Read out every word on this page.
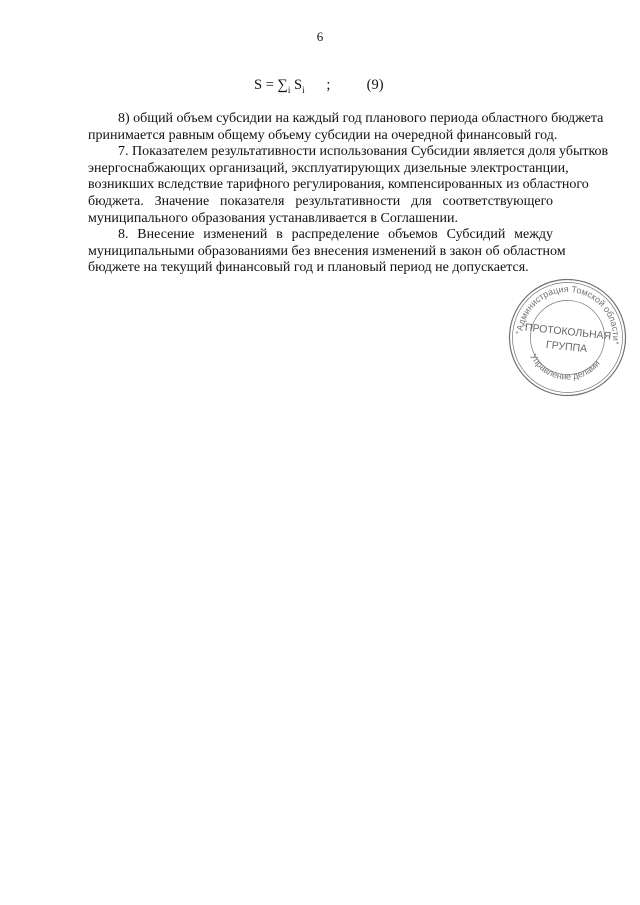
6
$S = \sum_i$ $S_i$      ;          (9)
8) общий объем субсидии на каждый год планового периода областного бюджета
принимается равным общему объему субсидии на очередной финансовый год.
7. Показателем результативности использования Субсидии является доля убытков
энергоснабжающих организаций, эксплуатирующих дизельные электростанции,
возникших вследствие тарифного регулирования, компенсированных из областного
бюджета. Значение показателя результативности для соответствующего
муниципального образования устанавливается в Соглашении.
8. Внесение изменений в распределение объемов Субсидий между
муниципальными образованиями без внесения изменений в закон об областном
бюджете на текущий финансовый год и плановый период не допускается.
Администрация Томской области
Управление делами
ПРОТОКОЛЬНАЯ
ГРУППА
*
*
